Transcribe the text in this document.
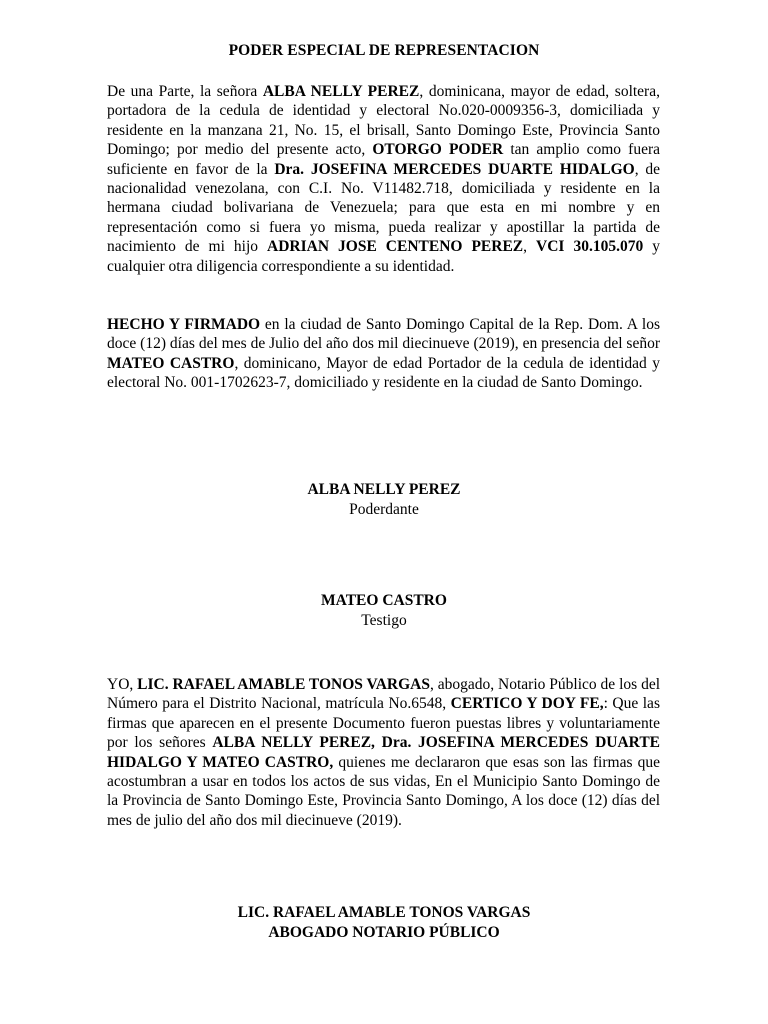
PODER ESPECIAL DE REPRESENTACION
De una Parte, la señora ALBA NELLY PEREZ, dominicana, mayor de edad, soltera, portadora de la cedula de identidad y electoral No.020-0009356-3, domiciliada y residente en la manzana 21, No. 15, el brisall, Santo Domingo Este, Provincia Santo Domingo; por medio del presente acto, OTORGO PODER tan amplio como fuera suficiente en favor de la Dra. JOSEFINA MERCEDES DUARTE HIDALGO, de nacionalidad venezolana, con C.I. No. V11482.718, domiciliada y residente en la hermana ciudad bolivariana de Venezuela; para que esta en mi nombre y en representación como si fuera yo misma, pueda realizar y apostillar la partida de nacimiento de mi hijo ADRIAN JOSE CENTENO PEREZ, VCI 30.105.070 y cualquier otra diligencia correspondiente a su identidad.
HECHO Y FIRMADO en la ciudad de Santo Domingo Capital de la Rep. Dom. A los doce (12) días del mes de Julio del año dos mil diecinueve (2019), en presencia del señor MATEO CASTRO, dominicano, Mayor de edad Portador de la cedula de identidad y electoral No. 001-1702623-7, domiciliado y residente en la ciudad de Santo Domingo.
ALBA NELLY PEREZ
Poderdante
MATEO CASTRO
Testigo
YO, LIC. RAFAEL AMABLE TONOS VARGAS, abogado, Notario Público de los del Número para el Distrito Nacional, matrícula No.6548, CERTICO Y DOY FE,: Que las firmas que aparecen en el presente Documento fueron puestas libres y voluntariamente por los señores ALBA NELLY PEREZ, Dra. JOSEFINA MERCEDES DUARTE HIDALGO Y MATEO CASTRO, quienes me declararon que esas son las firmas que acostumbran a usar en todos los actos de sus vidas, En el Municipio Santo Domingo de la Provincia de Santo Domingo Este, Provincia Santo Domingo, A los doce (12) días del mes de julio del año dos mil diecinueve (2019).
LIC. RAFAEL AMABLE TONOS VARGAS
ABOGADO NOTARIO PÚBLICO
